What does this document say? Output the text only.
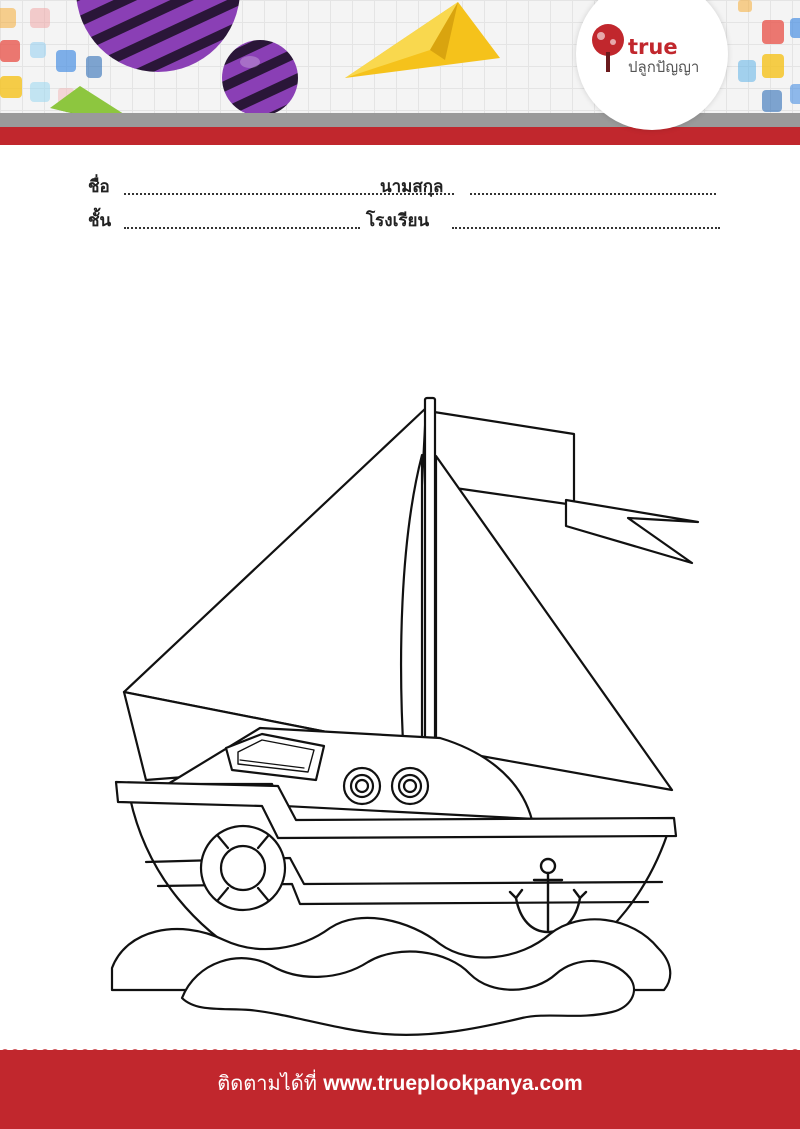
true
ปลูกปัญญา
ชื่อ	นามสกุล
ชั้น	โรงเรียน
ติดตามได้ที่ www.trueplookpanya.com
